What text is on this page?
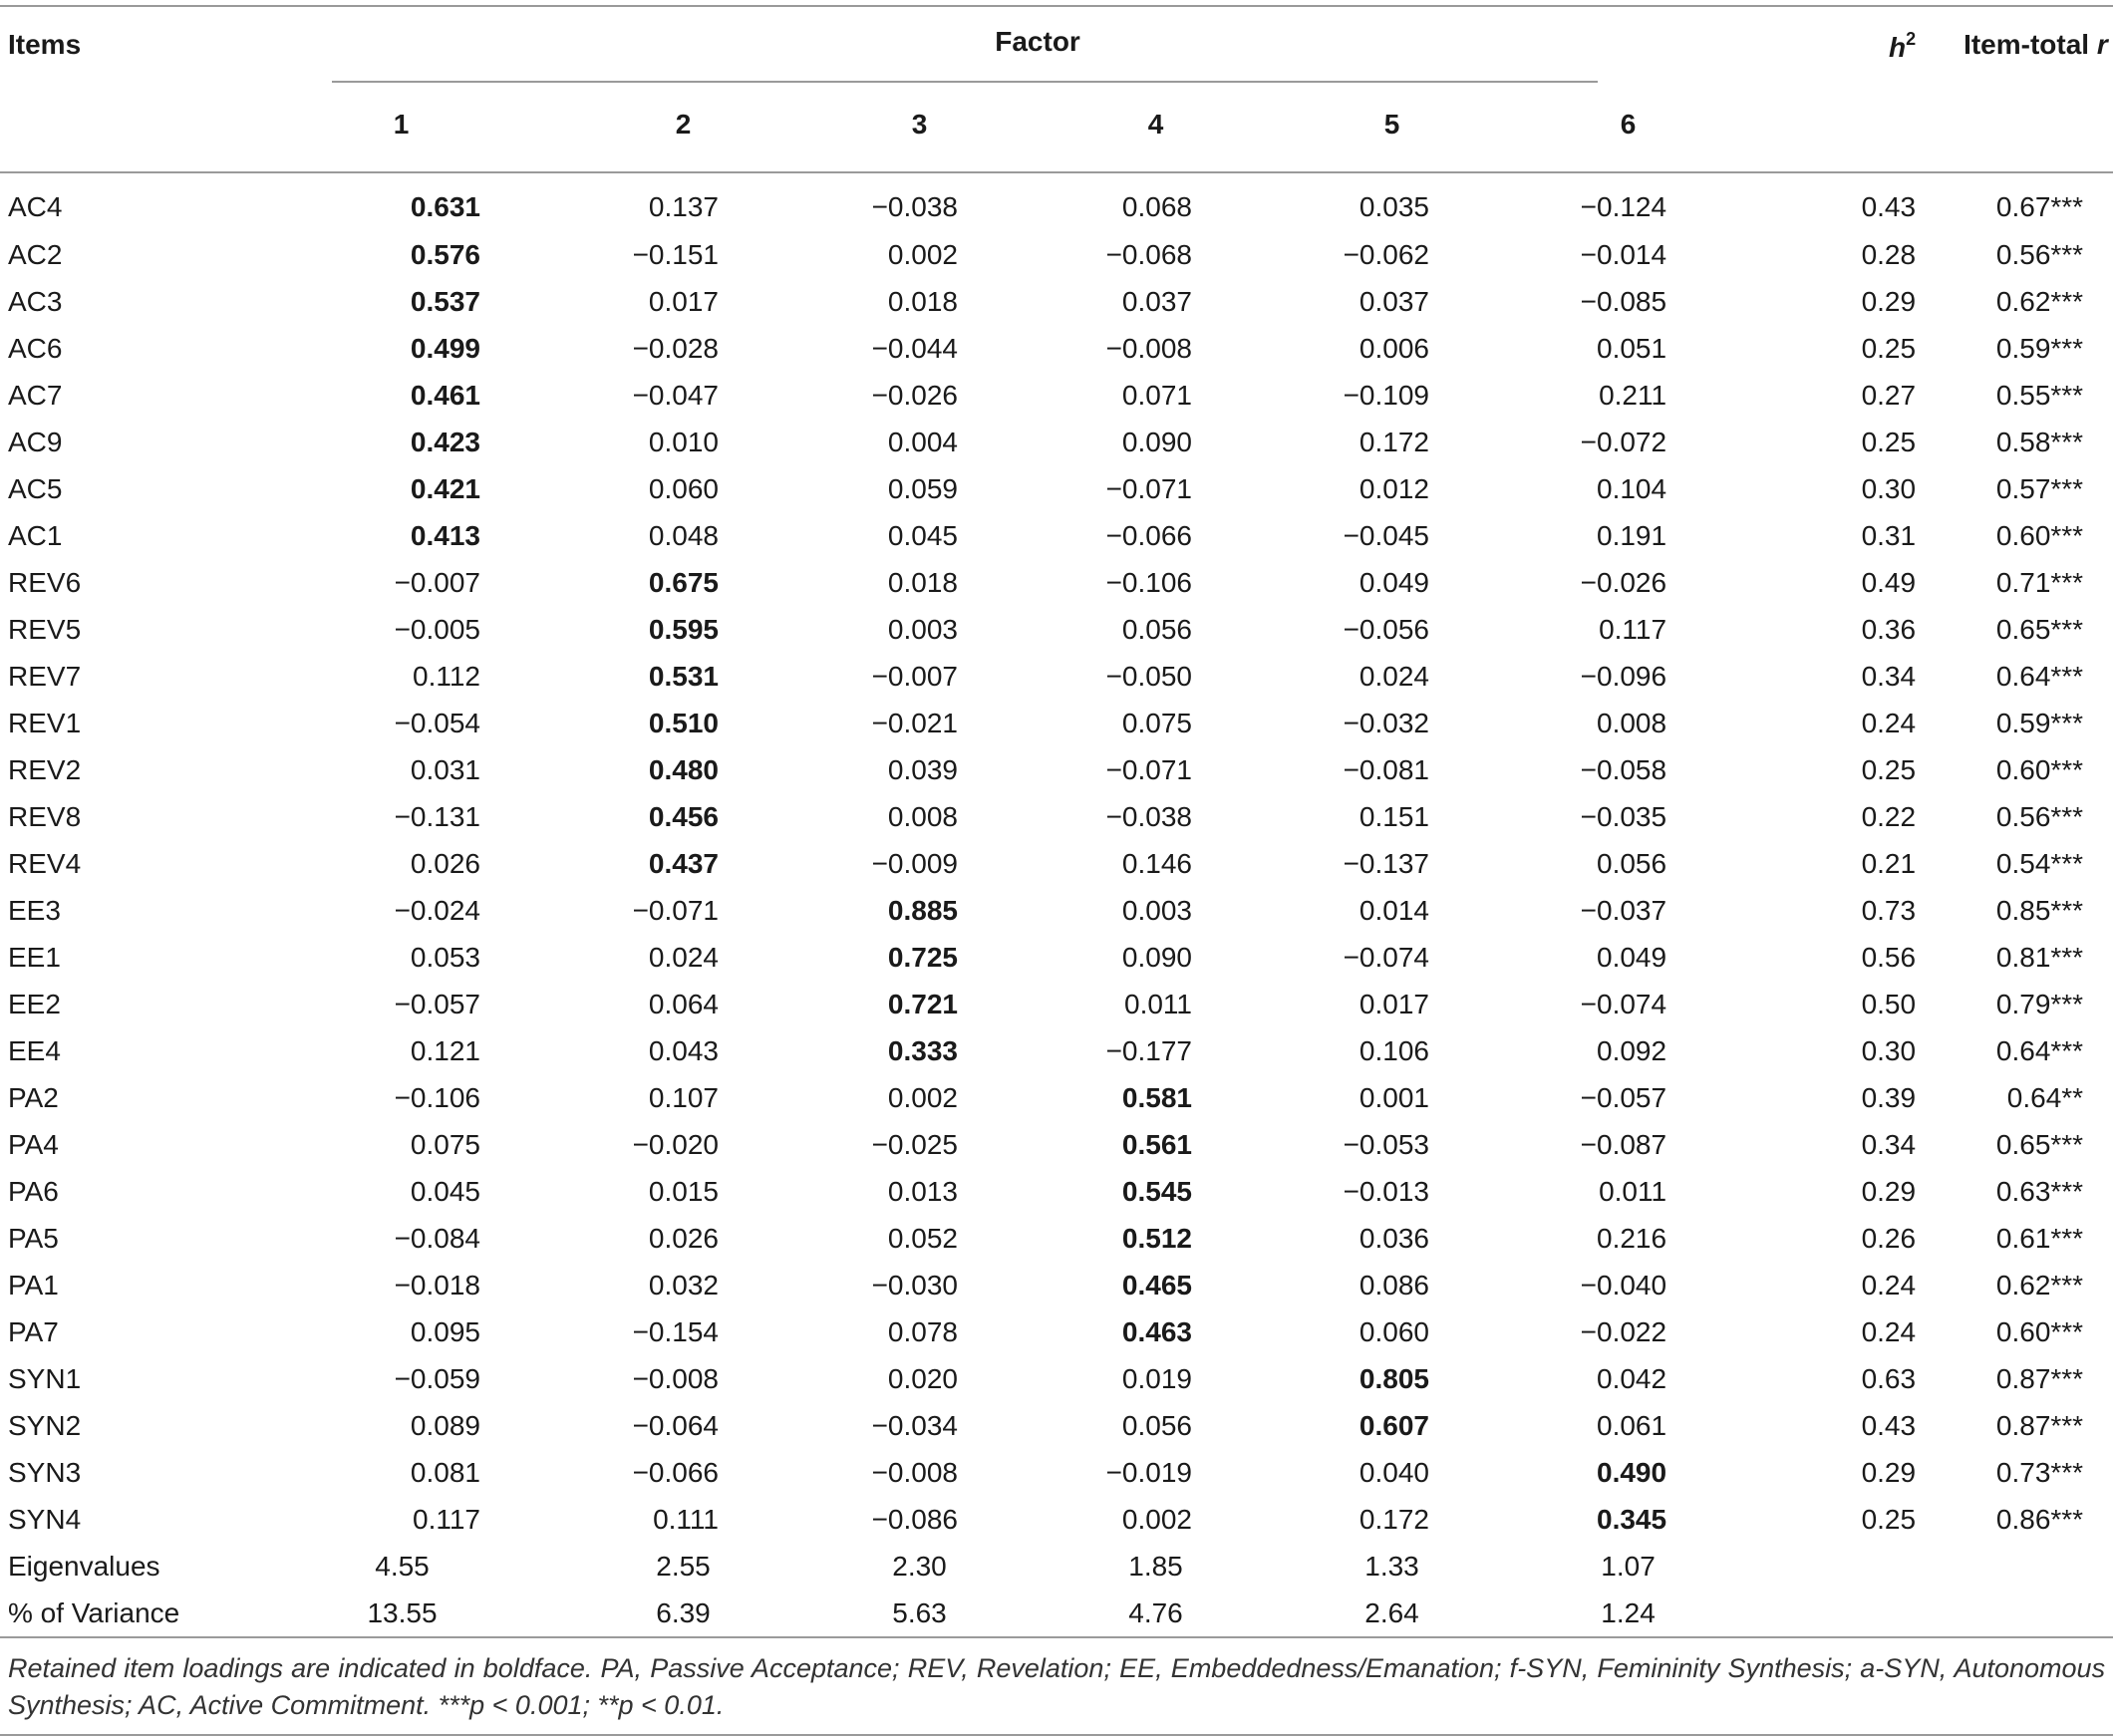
Items	Factor						$h^2$	Item-total r
	1	2	3	4	5	6		
AC4	0.631	0.137	−0.038	0.068	0.035	−0.124	0.43	0.67***
AC2	0.576	−0.151	0.002	−0.068	−0.062	−0.014	0.28	0.56***
AC3	0.537	0.017	0.018	0.037	0.037	−0.085	0.29	0.62***
AC6	0.499	−0.028	−0.044	−0.008	0.006	0.051	0.25	0.59***
AC7	0.461	−0.047	−0.026	0.071	−0.109	0.211	0.27	0.55***
AC9	0.423	0.010	0.004	0.090	0.172	−0.072	0.25	0.58***
AC5	0.421	0.060	0.059	−0.071	0.012	0.104	0.30	0.57***
AC1	0.413	0.048	0.045	−0.066	−0.045	0.191	0.31	0.60***
REV6	−0.007	0.675	0.018	−0.106	0.049	−0.026	0.49	0.71***
REV5	−0.005	0.595	0.003	0.056	−0.056	0.117	0.36	0.65***
REV7	0.112	0.531	−0.007	−0.050	0.024	−0.096	0.34	0.64***
REV1	−0.054	0.510	−0.021	0.075	−0.032	0.008	0.24	0.59***
REV2	0.031	0.480	0.039	−0.071	−0.081	−0.058	0.25	0.60***
REV8	−0.131	0.456	0.008	−0.038	0.151	−0.035	0.22	0.56***
REV4	0.026	0.437	−0.009	0.146	−0.137	0.056	0.21	0.54***
EE3	−0.024	−0.071	0.885	0.003	0.014	−0.037	0.73	0.85***
EE1	0.053	0.024	0.725	0.090	−0.074	0.049	0.56	0.81***
EE2	−0.057	0.064	0.721	0.011	0.017	−0.074	0.50	0.79***
EE4	0.121	0.043	0.333	−0.177	0.106	0.092	0.30	0.64***
PA2	−0.106	0.107	0.002	0.581	0.001	−0.057	0.39	0.64**
PA4	0.075	−0.020	−0.025	0.561	−0.053	−0.087	0.34	0.65***
PA6	0.045	0.015	0.013	0.545	−0.013	0.011	0.29	0.63***
PA5	−0.084	0.026	0.052	0.512	0.036	0.216	0.26	0.61***
PA1	−0.018	0.032	−0.030	0.465	0.086	−0.040	0.24	0.62***
PA7	0.095	−0.154	0.078	0.463	0.060	−0.022	0.24	0.60***
SYN1	−0.059	−0.008	0.020	0.019	0.805	0.042	0.63	0.87***
SYN2	0.089	−0.064	−0.034	0.056	0.607	0.061	0.43	0.87***
SYN3	0.081	−0.066	−0.008	−0.019	0.040	0.490	0.29	0.73***
SYN4	0.117	0.111	−0.086	0.002	0.172	0.345	0.25	0.86***
Eigenvalues	4.55	2.55	2.30	1.85	1.33	1.07		
% of Variance	13.55	6.39	5.63	4.76	2.64	1.24		
Retained item loadings are indicated in boldface. PA, Passive Acceptance; REV, Revelation; EE, Embeddedness/Emanation; f-SYN, Femininity Synthesis; a-SYN, Autonomous Synthesis; AC, Active Commitment. ***p < 0.001; **p < 0.01.								
